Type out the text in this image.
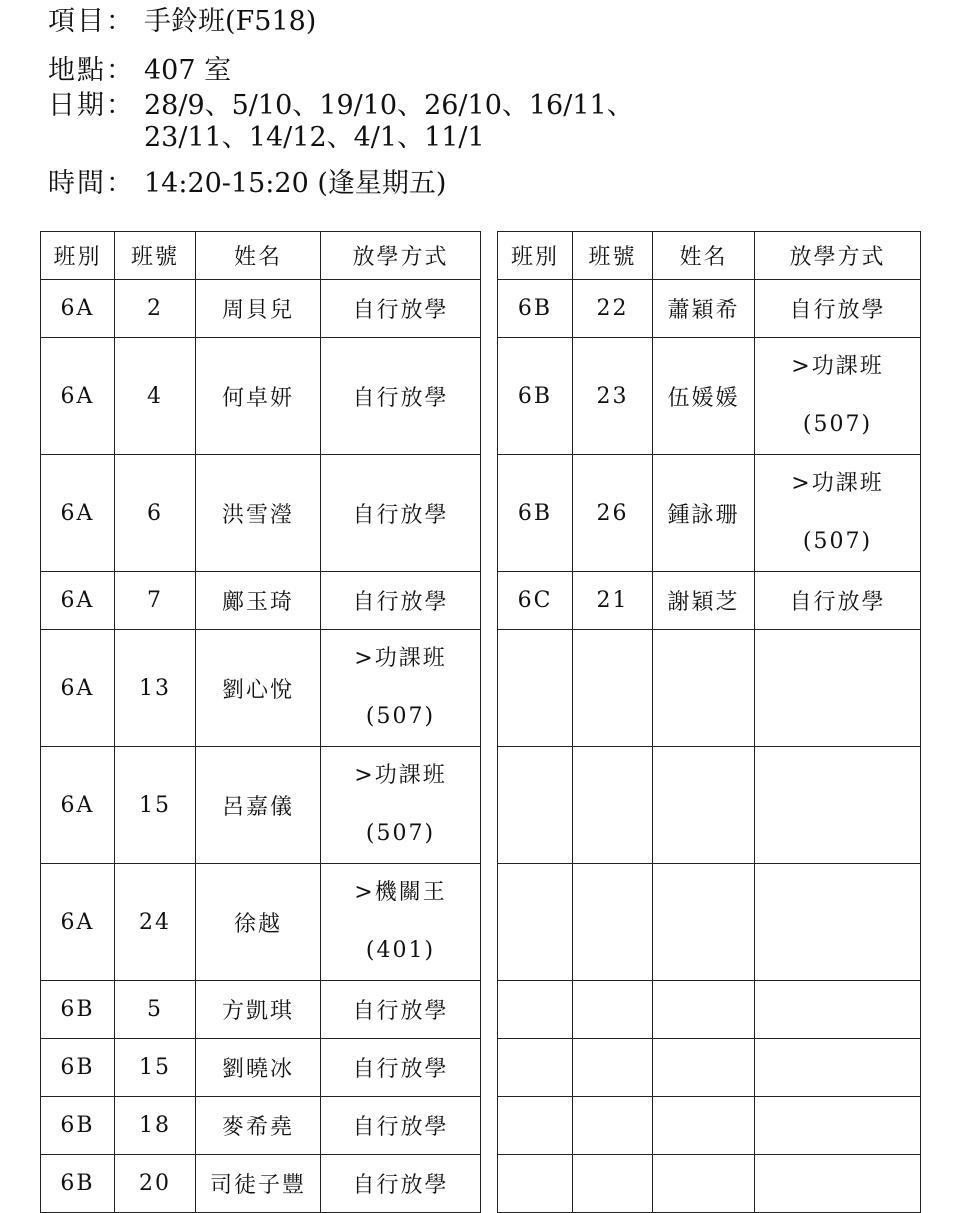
項目： 手鈴班(F518)
地點： 407 室
日期： 28/9、5/10、19/10、26/10、16/11、
23/11、14/12、4/1、11/1
時間： 14:20-15:20 (逢星期五)
班別	班號	姓名	放學方式
6A	2	周貝兒	自行放學

6A	4	何卓妍	自行放學

6A	6	洪雪瀅	自行放學

6A	7	鄺玉琦	自行放學

6A	13	劉心悅	>功課班
(507)

6A	15	呂嘉儀	>功課班
(507)

6A	24	徐越	>機關王
(401)

6B	5	方凱琪	自行放學

6B	15	劉曉冰	自行放學

6B	18	麥希堯	自行放學

6B	20	司徒子豐	自行放學
班別	班號	姓名	放學方式
6B	22	蕭穎希	自行放學

6B	23	伍媛媛	>功課班
(507)

6B	26	鍾詠珊	>功課班
(507)

6C	21	謝穎芝	自行放學
